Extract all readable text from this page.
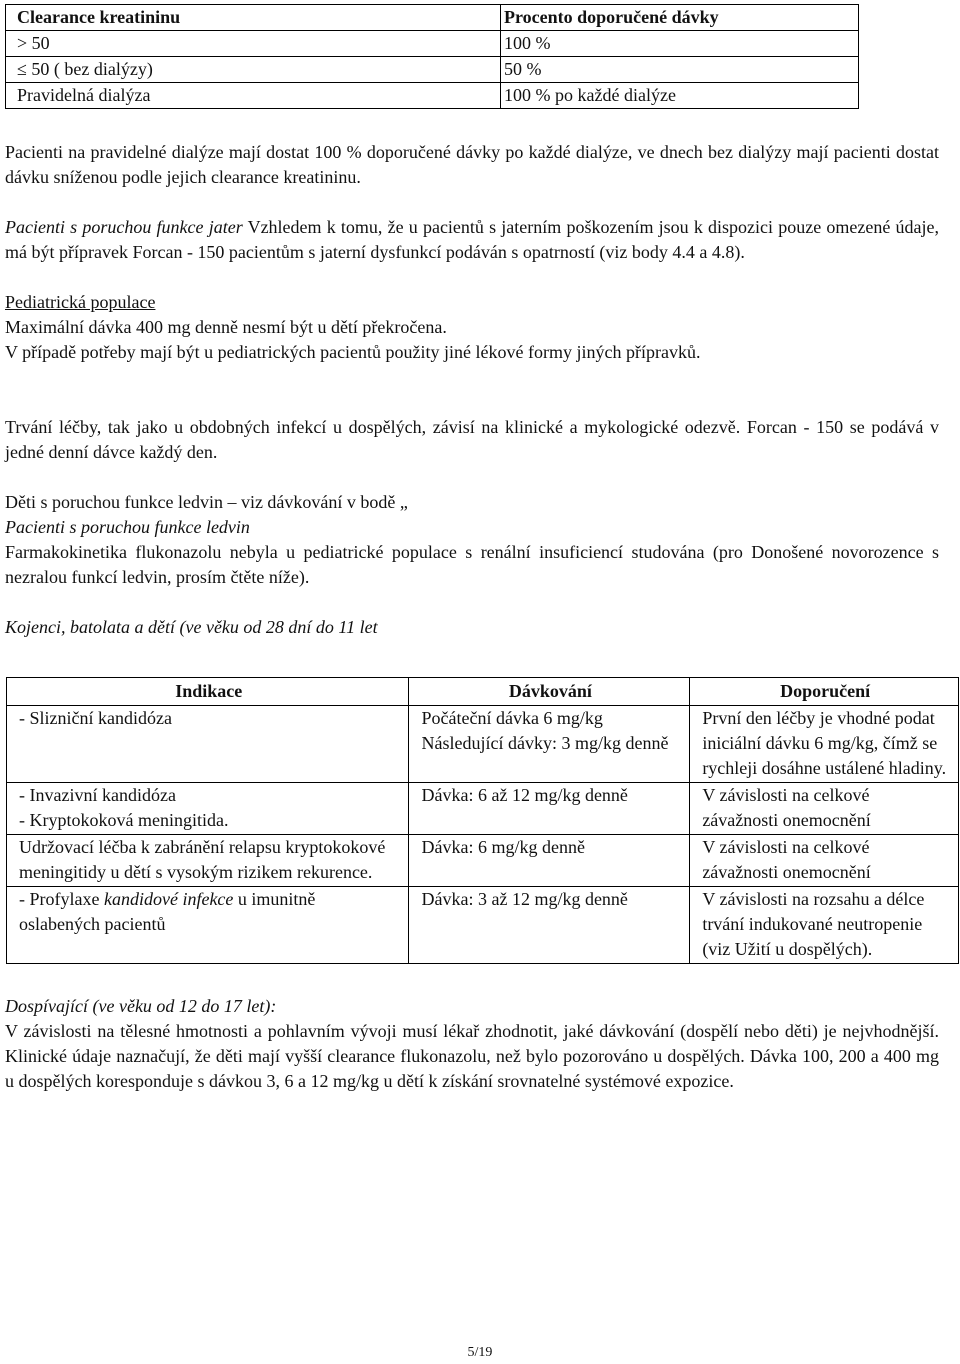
Clearance kreatininu	Procento doporučené dávky
> 50	100 %
≤ 50 ( bez dialýzy)	50 %
Pravidelná dialýza	100 % po každé dialýze

Pacienti na pravidelné dialýze mají dostat 100 % doporučené dávky po každé dialýze, ve dnech bez dialýzy mají pacienti dostat dávku sníženou podle jejich clearance kreatininu.

Pacienti s poruchou funkce jater Vzhledem k tomu, že u pacientů s jaterním poškozením jsou k dispozici pouze omezené údaje, má být přípravek Forcan - 150 pacientům s jaterní dysfunkcí podáván s opatrností (viz body 4.4 a 4.8).

Pediatrická populace

Maximální dávka 400 mg denně nesmí být u dětí překročena.

V případě potřeby mají být u pediatrických pacientů použity jiné lékové formy jiných přípravků.

Trvání léčby, tak jako u obdobných infekcí u dospělých, závisí na klinické a mykologické odezvě. Forcan - 150 se podává v jedné denní dávce každý den.

Děti s poruchou funkce ledvin – viz dávkování v bodě „

Pacienti s poruchou funkce ledvin

Farmakokinetika flukonazolu nebyla u pediatrické populace s renální insuficiencí studována (pro Donošené novorozence s nezralou funkcí ledvin, prosím čtěte níže).

Kojenci, batolata a dětí (ve věku od 28 dní do 11 let

Indikace	Dávkování	Doporučení
- Slizniční kandidóza	Počáteční dávka 6 mg/kg Následující dávky: 3 mg/kg denně	První den léčby je vhodné podat iniciální dávku 6 mg/kg, čímž se rychleji dosáhne ustálené hladiny.

- Invazivní kandidóza
- Kryptokoková meningitida.	Dávka: 6 až 12 mg/kg denně	V závislosti na celkové závažnosti onemocnění
Udržovací léčba k zabránění relapsu kryptokokové meningitidy u dětí s vysokým rizikem rekurence.	Dávka: 6 mg/kg denně	V závislosti na celkové závažnosti onemocnění
- Profylaxe kandidové infekce u imunitně oslabených pacientů	Dávka: 3 až 12 mg/kg denně	V závislosti na rozsahu a délce trvání indukované neutropenie (viz Užití u dospělých).

Dospívající (ve věku od 12 do 17 let):

V závislosti na tělesné hmotnosti a pohlavním vývoji musí lékař zhodnotit, jaké dávkování (dospělí nebo děti) je nejvhodnější. Klinické údaje naznačují, že děti mají vyšší clearance flukonazolu, než bylo pozorováno u dospělých. Dávka 100, 200 a 400 mg u dospělých koresponduje s dávkou 3, 6 a 12 mg/kg u dětí k získání srovnatelné systémové expozice.

5/19
